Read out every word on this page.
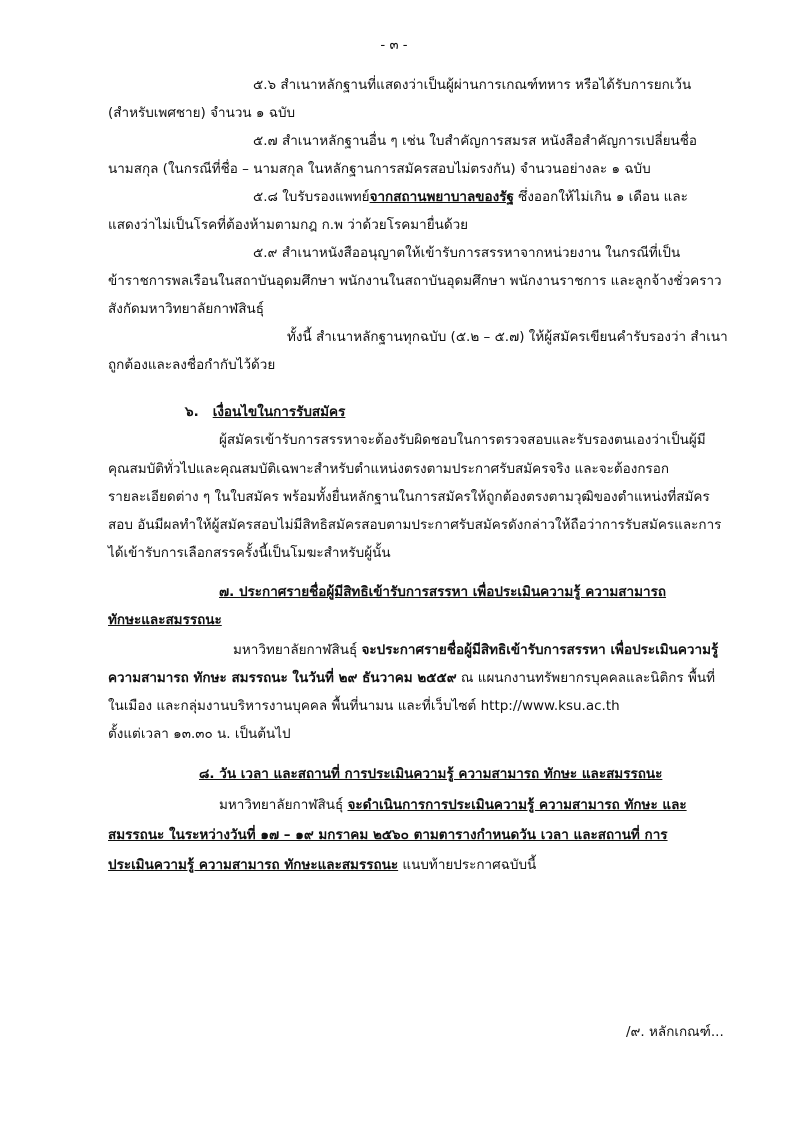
- ๓ -
๕.๖ สำเนาหลักฐานที่แสดงว่าเป็นผู้ผ่านการเกณฑ์ทหาร หรือได้รับการยกเว้น
(สำหรับเพศชาย) จำนวน ๑ ฉบับ
๕.๗ สำเนาหลักฐานอื่น ๆ เช่น ใบสำคัญการสมรส หนังสือสำคัญการเปลี่ยนชื่อ
นามสกุล (ในกรณีที่ชื่อ – นามสกุล ในหลักฐานการสมัครสอบไม่ตรงกัน) จำนวนอย่างละ ๑ ฉบับ
๕.๘ ใบรับรองแพทย์จากสถานพยาบาลของรัฐ ซึ่งออกให้ไม่เกิน ๑ เดือน และ
แสดงว่าไม่เป็นโรคที่ต้องห้ามตามกฎ ก.พ ว่าด้วยโรคมายื่นด้วย
๕.๙ สำเนาหนังสืออนุญาตให้เข้ารับการสรรหาจากหน่วยงาน ในกรณีที่เป็น
ข้าราชการพลเรือนในสถาบันอุดมศึกษา พนักงานในสถาบันอุดมศึกษา พนักงานราชการ และลูกจ้างชั่วคราว
สังกัดมหาวิทยาลัยกาฬสินธุ์
ทั้งนี้ สำเนาหลักฐานทุกฉบับ (๕.๒ – ๕.๗) ให้ผู้สมัครเขียนคำรับรองว่า สำเนา
ถูกต้องและลงชื่อกำกับไว้ด้วย
๖. เงื่อนไขในการรับสมัคร
ผู้สมัครเข้ารับการสรรหาจะต้องรับผิดชอบในการตรวจสอบและรับรองตนเองว่าเป็นผู้มี
คุณสมบัติทั่วไปและคุณสมบัติเฉพาะสำหรับตำแหน่งตรงตามประกาศรับสมัครจริง และจะต้องกรอก
รายละเอียดต่าง ๆ ในใบสมัคร พร้อมทั้งยื่นหลักฐานในการสมัครให้ถูกต้องตรงตามวุฒิของตำแหน่งที่สมัคร
สอบ อันมีผลทำให้ผู้สมัครสอบไม่มีสิทธิสมัครสอบตามประกาศรับสมัครดังกล่าวให้ถือว่าการรับสมัครและการ
ได้เข้ารับการเลือกสรรครั้งนี้เป็นโมฆะสำหรับผู้นั้น
๗. ประกาศรายชื่อผู้มีสิทธิเข้ารับการสรรหา เพื่อประเมินความรู้ ความสามารถ
ทักษะและสมรรถนะ
มหาวิทยาลัยกาฬสินธุ์ จะประกาศรายชื่อผู้มีสิทธิเข้ารับการสรรหา เพื่อประเมินความรู้
ความสามารถ ทักษะ สมรรถนะ ในวันที่ ๒๙ ธันวาคม ๒๕๕๙ ณ แผนกงานทรัพยากรบุคคลและนิติกร พื้นที่
ในเมือง และกลุ่มงานบริหารงานบุคคล พื้นที่นามน และที่เว็บไซต์ http://www.ksu.ac.th
ตั้งแต่เวลา ๑๓.๓๐ น. เป็นต้นไป
๘. วัน เวลา และสถานที่ การประเมินความรู้ ความสามารถ ทักษะ และสมรรถนะ
มหาวิทยาลัยกาฬสินธุ์ จะดำเนินการการประเมินความรู้ ความสามารถ ทักษะ และ
สมรรถนะ ในระหว่างวันที่ ๑๗ – ๑๙ มกราคม ๒๕๖๐ ตามตารางกำหนดวัน เวลา และสถานที่ การ
ประเมินความรู้ ความสามารถ ทักษะและสมรรถนะ แนบท้ายประกาศฉบับนี้
/๙. หลักเกณฑ์...
